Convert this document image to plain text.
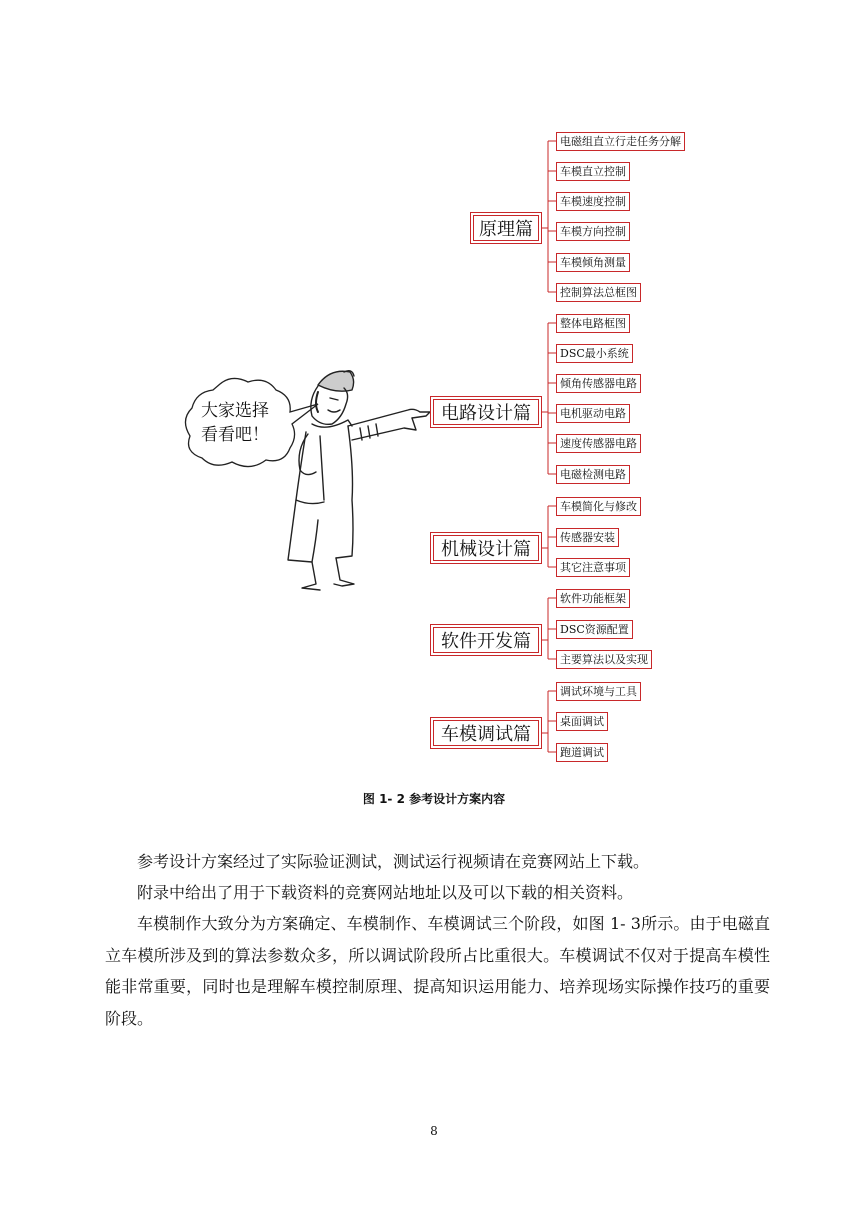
原理篇
电路设计篇
机械设计篇
软件开发篇
车模调试篇
电磁组直立行走任务分解
车模直立控制
车模速度控制
车模方向控制
车模倾角测量
控制算法总框图
整体电路框图
DSC最小系统
倾角传感器电路
电机驱动电路
速度传感器电路
电磁检测电路
车模简化与修改
传感器安装
其它注意事项
软件功能框架
DSC资源配置
主要算法以及实现
调试环境与工具
桌面调试
跑道调试
大家选择
看看吧！
图 1- 2 参考设计方案内容
参考设计方案经过了实际验证测试，测试运行视频请在竞赛网站上下载。
附录中给出了用于下载资料的竞赛网站地址以及可以下载的相关资料。
车模制作大致分为方案确定、车模制作、车模调试三个阶段，如图 1- 3所示。由于电磁直立车模所涉及到的算法参数众多，所以调试阶段所占比重很大。车模调试不仅对于提高车模性能非常重要，同时也是理解车模控制原理、提高知识运用能力、培养现场实际操作技巧的重要阶段。
8
